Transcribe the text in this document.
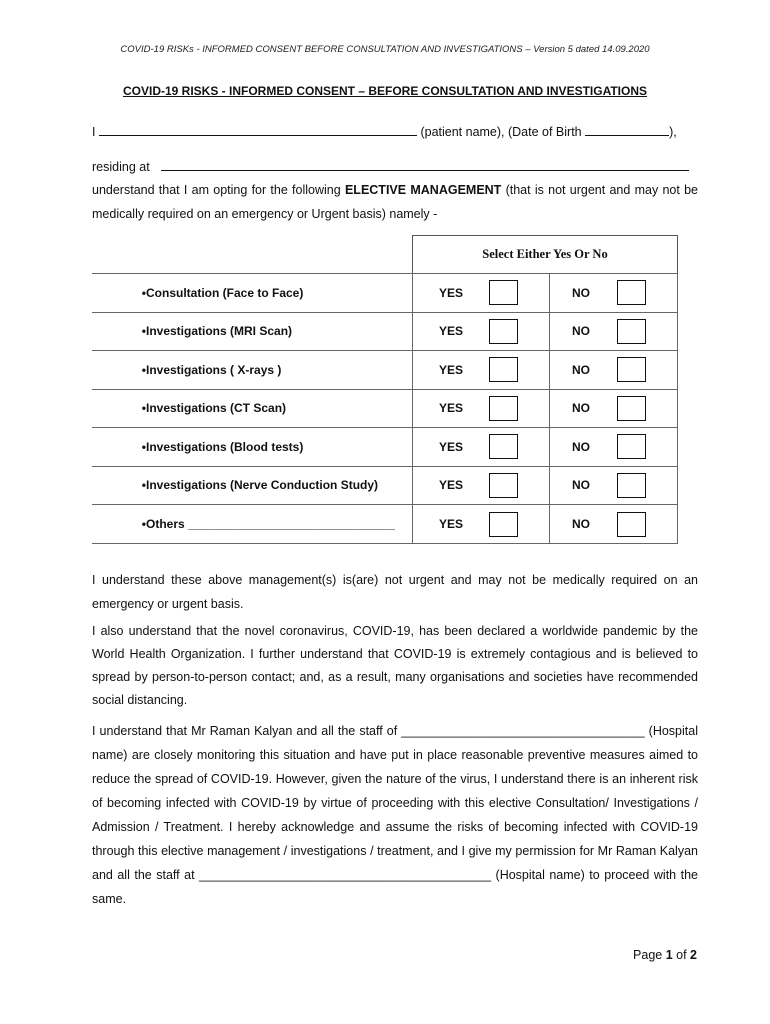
COVID-19 RISKs - INFORMED CONSENT BEFORE CONSULTATION AND INVESTIGATIONS – Version 5 dated 14.09.2020
COVID-19 RISKS - INFORMED CONSENT – BEFORE CONSULTATION AND INVESTIGATIONS
I	(patient name), (Date of Birth	),
residing at
understand that I am opting for the following ELECTIVE MANAGEMENT (that is not urgent and may not be medically required on an emergency or Urgent basis) namely -
Select Either Yes Or No
• Consultation (Face to Face)	YES	NO
• Investigations (MRI Scan)	YES	NO
• Investigations ( X-rays )	YES	NO
• Investigations (CT Scan)	YES	NO
• Investigations (Blood tests)	YES	NO
• Investigations (Nerve Conduction Study)	YES	NO
• Others _______________________________	YES	NO
I understand these above management(s) is(are) not urgent and may not be medically required on an emergency or urgent basis.
I also understand that the novel coronavirus, COVID-19, has been declared a worldwide pandemic by the World Health Organization. I further understand that COVID-19 is extremely contagious and is believed to spread by person-to-person contact; and, as a result, many organisations and societies have recommended social distancing.
I understand that Mr Raman Kalyan and all the staff of ___________________________________ (Hospital name) are closely monitoring this situation and have put in place reasonable preventive measures aimed to reduce the spread of COVID-19. However, given the nature of the virus, I understand there is an inherent risk of becoming infected with COVID-19 by virtue of proceeding with this elective Consultation/ Investigations / Admission / Treatment. I hereby acknowledge and assume the risks of becoming infected with COVID-19 through this elective management / investigations / treatment, and I give my permission for Mr Raman Kalyan and all the staff at __________________________________________ (Hospital name) to proceed with the same.
Page 1 of 2
